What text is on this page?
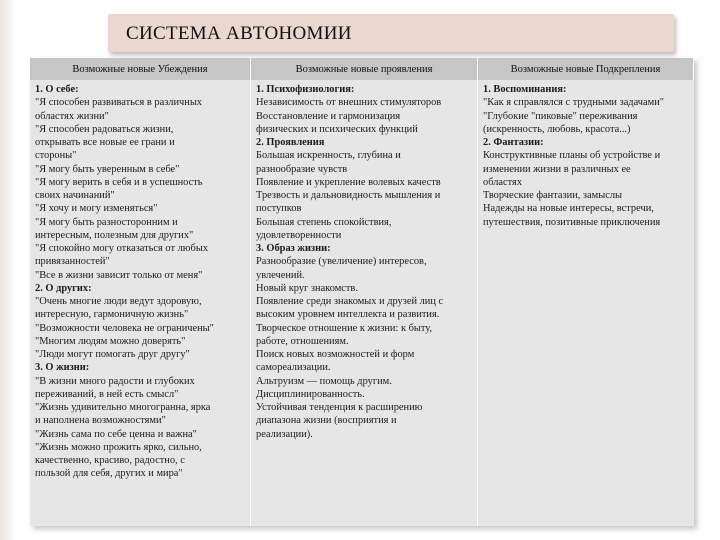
СИСТЕМА АВТОНОМИИ
Возможные новые Убеждения	Возможные новые проявления	Возможные новые Подкрепления
1. О себе:
"Я способен развиваться в различных
областях жизни"
"Я способен радоваться жизни,
открывать все новые ее грани и
стороны"
"Я могу быть уверенным в себе"
"Я могу верить в себя и в успешность
своих начинаний"
"Я хочу и могу изменяться"
"Я могу быть разносторонним и
интересным, полезным для других"
"Я спокойно могу отказаться от любых
привязанностей"
"Все в жизни зависит только от меня"
2. О других:
"Очень многие люди ведут здоровую,
интересную, гармоничную жизнь"
"Возможности человека не ограничены"
"Многим людям можно доверять"
"Люди могут помогать друг другу"
3. О жизни:
"В жизни много радости и глубоких
переживаний, в ней есть смысл"
"Жизнь удивительно многогранна, ярка
и наполнена возможностями"
"Жизнь сама по себе ценна и важна"
"Жизнь можно прожить ярко, сильно,
качественно, красиво, радостно, с
пользой для себя, других и мира"
1. Психофизиология:
Независимость от внешних стимуляторов
Восстановление и гармонизация
физических и психических функций
2. Проявления
Большая искренность, глубина и
разнообразие чувств
Появление и укрепление волевых качеств
Трезвость и дальновидность мышления и
поступков
Большая степень спокойствия,
удовлетворенности
3. Образ жизни:
Разнообразие (увеличение) интересов,
увлечений.
Новый круг знакомств.
Появление среди знакомых и друзей лиц с
высоким уровнем интеллекта и развития.
Творческое отношение к жизни: к быту,
работе, отношениям.
Поиск новых возможностей и форм
самореализации.
Альтруизм — помощь другим.
Дисциплинированность.
Устойчивая тенденция к расширению
диапазона жизни (восприятия и
реализации).
1. Воспоминания:
"Как я справлялся с трудными задачами"
"Глубокие "пиковые" переживания
(искренность, любовь, красота...)
2. Фантазии:
Конструктивные планы об устройстве и
изменении жизни в различных ее
областях
Творческие фантазии, замыслы
Надежды на новые интересы, встречи,
путешествия, позитивные приключения
